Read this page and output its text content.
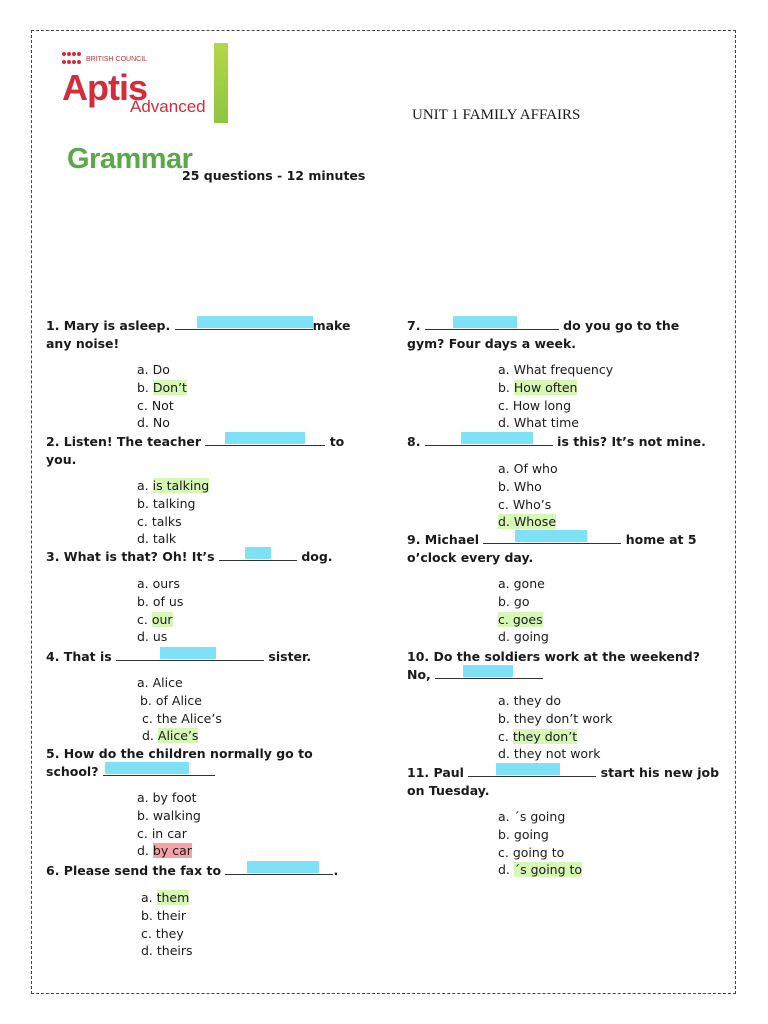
BRITISH COUNCIL
Aptis
Advanced	UNIT 1 FAMILY AFFAIRS
Grammar
25 questions - 12 minutes
1. Mary is asleep.	make any noise!
a. Do
b. Don’t
c. Not
d. No
2. Listen! The teacher	to you.
a. is talking
b. talking
c. talks
d. talk
3. What is that? Oh! It’s	dog.
a. ours
b. of us
c. our
d. us
4. That is	sister.
a. Alice
b. of Alice
c. the Alice’s
d. Alice’s
5. How do the children normally go to school?
a. by foot
b. walking
c. in car
d. by car
6. Please send the fax to	.
a. them
b. their
c. they
d. theirs
7.	do you go to the gym? Four days a week.
a. What frequency
b. How often
c. How long
d. What time
8.	is this? It’s not mine.
a. Of who
b. Who
c. Who’s
d. Whose
9. Michael	home at 5 o’clock every day.
a. gone
b. go
c. goes
d. going
10. Do the soldiers work at the weekend? No,
a. they do
b. they don’t work
c. they don’t
d. they not work
11. Paul	start his new job on Tuesday.
a. ´s going
b. going
c. going to
d. ´s going to
